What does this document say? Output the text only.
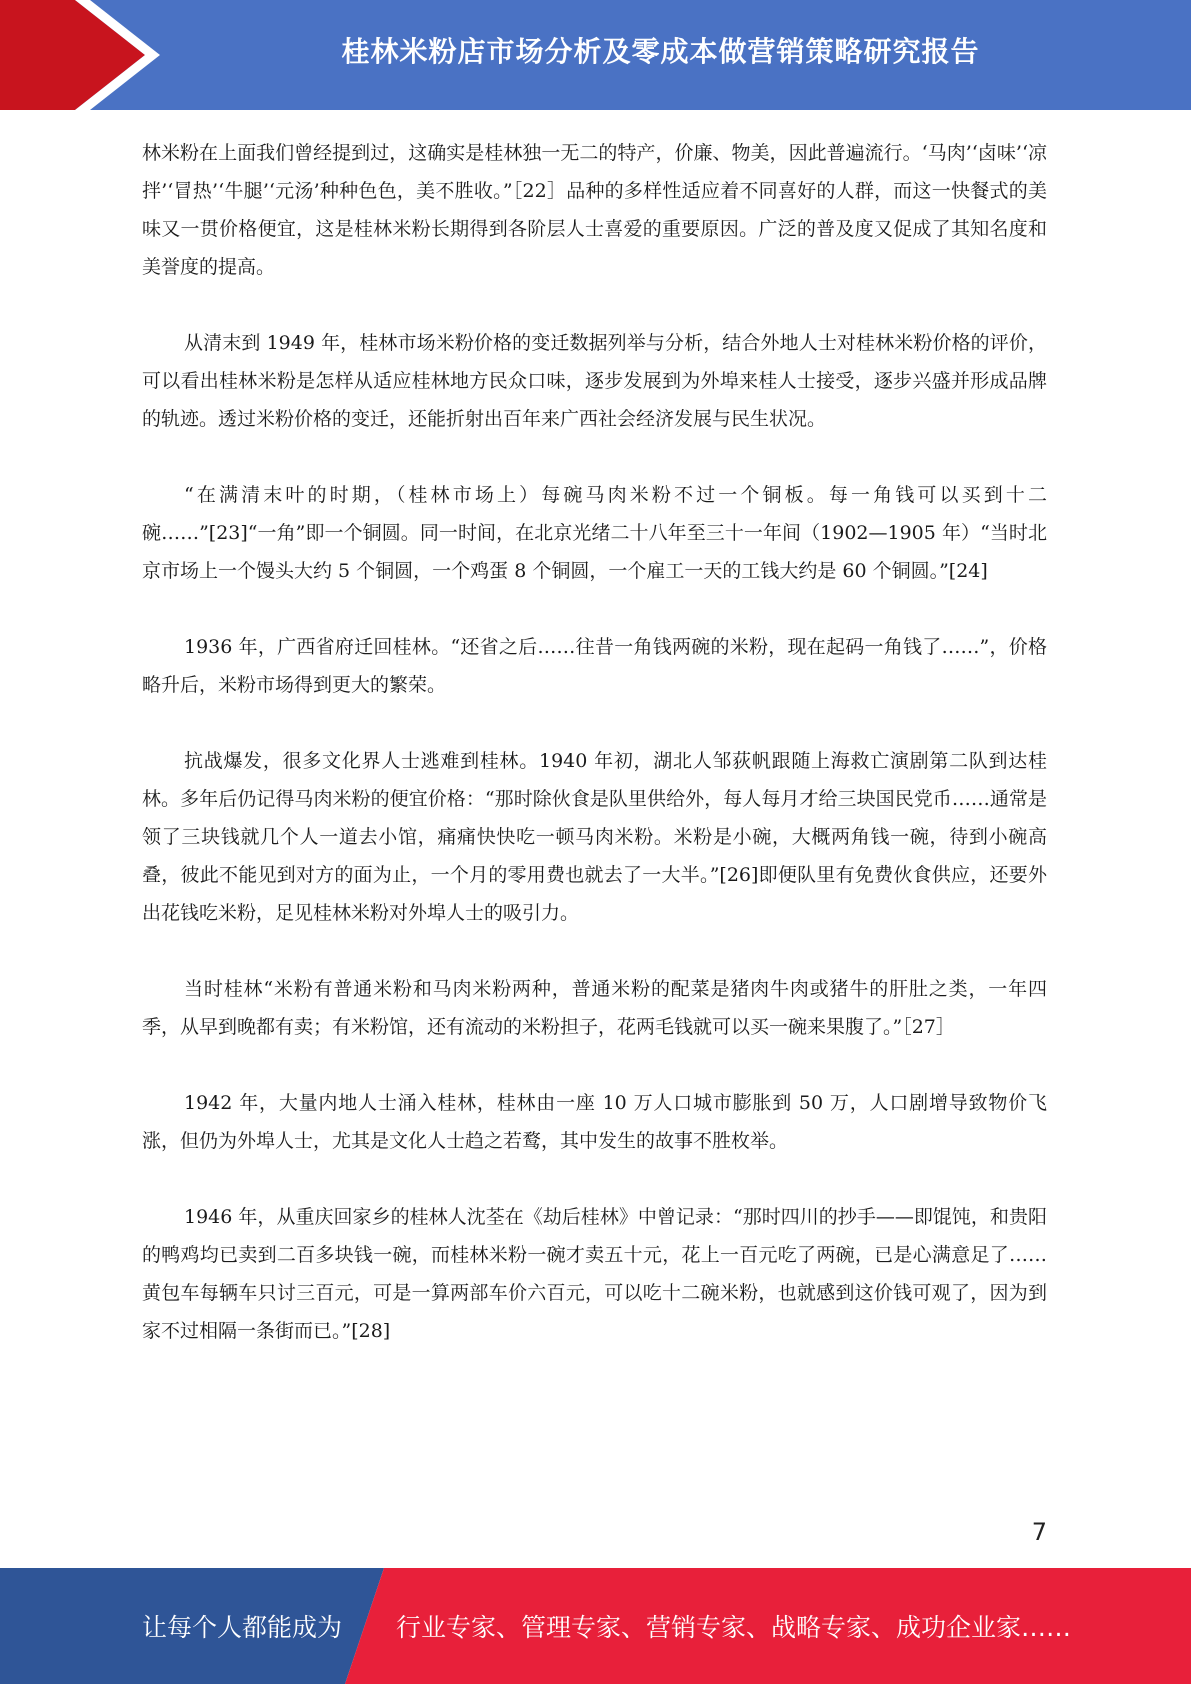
桂林米粉店市场分析及零成本做营销策略研究报告

林米粉在上面我们曾经提到过，这确实是桂林独一无二的特产，价廉、物美，因此普遍流行。‘马肉’‘卤味’‘凉拌’‘冒热’‘牛腿’‘元汤’种种色色，美不胜收。”［22］品种的多样性适应着不同喜好的人群，而这一快餐式的美味又一贯价格便宜，这是桂林米粉长期得到各阶层人士喜爱的重要原因。广泛的普及度又促成了其知名度和美誉度的提高。

从清末到 1949 年，桂林市场米粉价格的变迁数据列举与分析，结合外地人士对桂林米粉价格的评价，可以看出桂林米粉是怎样从适应桂林地方民众口味，逐步发展到为外埠来桂人士接受，逐步兴盛并形成品牌的轨迹。透过米粉价格的变迁，还能折射出百年来广西社会经济发展与民生状况。

“在满清末叶的时期，（桂林市场上）每碗马肉米粉不过一个铜板。每一角钱可以买到十二碗……”[23]“一角”即一个铜圆。同一时间，在北京光绪二十八年至三十一年间（1902—1905 年）“当时北京市场上一个馒头大约 5 个铜圆，一个鸡蛋 8 个铜圆，一个雇工一天的工钱大约是 60 个铜圆。”[24]

1936 年，广西省府迁回桂林。“还省之后……往昔一角钱两碗的米粉，现在起码一角钱了……”，价格略升后，米粉市场得到更大的繁荣。

抗战爆发，很多文化界人士逃难到桂林。1940 年初，湖北人邹荻帆跟随上海救亡演剧第二队到达桂林。多年后仍记得马肉米粉的便宜价格：“那时除伙食是队里供给外，每人每月才给三块国民党币……通常是领了三块钱就几个人一道去小馆，痛痛快快吃一顿马肉米粉。米粉是小碗，大概两角钱一碗，待到小碗高叠，彼此不能见到对方的面为止，一个月的零用费也就去了一大半。”[26]即便队里有免费伙食供应，还要外出花钱吃米粉，足见桂林米粉对外埠人士的吸引力。

当时桂林“米粉有普通米粉和马肉米粉两种，普通米粉的配菜是猪肉牛肉或猪牛的肝肚之类，一年四季，从早到晚都有卖；有米粉馆，还有流动的米粉担子，花两毛钱就可以买一碗来果腹了。”［27］

1942 年，大量内地人士涌入桂林，桂林由一座 10 万人口城市膨胀到 50 万，人口剧增导致物价飞涨，但仍为外埠人士，尤其是文化人士趋之若鹜，其中发生的故事不胜枚举。

1946 年，从重庆回家乡的桂林人沈荃在《劫后桂林》中曾记录：“那时四川的抄手——即馄饨，和贵阳的鸭鸡均已卖到二百多块钱一碗，而桂林米粉一碗才卖五十元，花上一百元吃了两碗，已是心满意足了……黄包车每辆车只讨三百元，可是一算两部车价六百元，可以吃十二碗米粉，也就感到这价钱可观了，因为到家不过相隔一条街而已。”[28]

7
让每个人都能成为 行业专家、管理专家、营销专家、战略专家、成功企业家……
